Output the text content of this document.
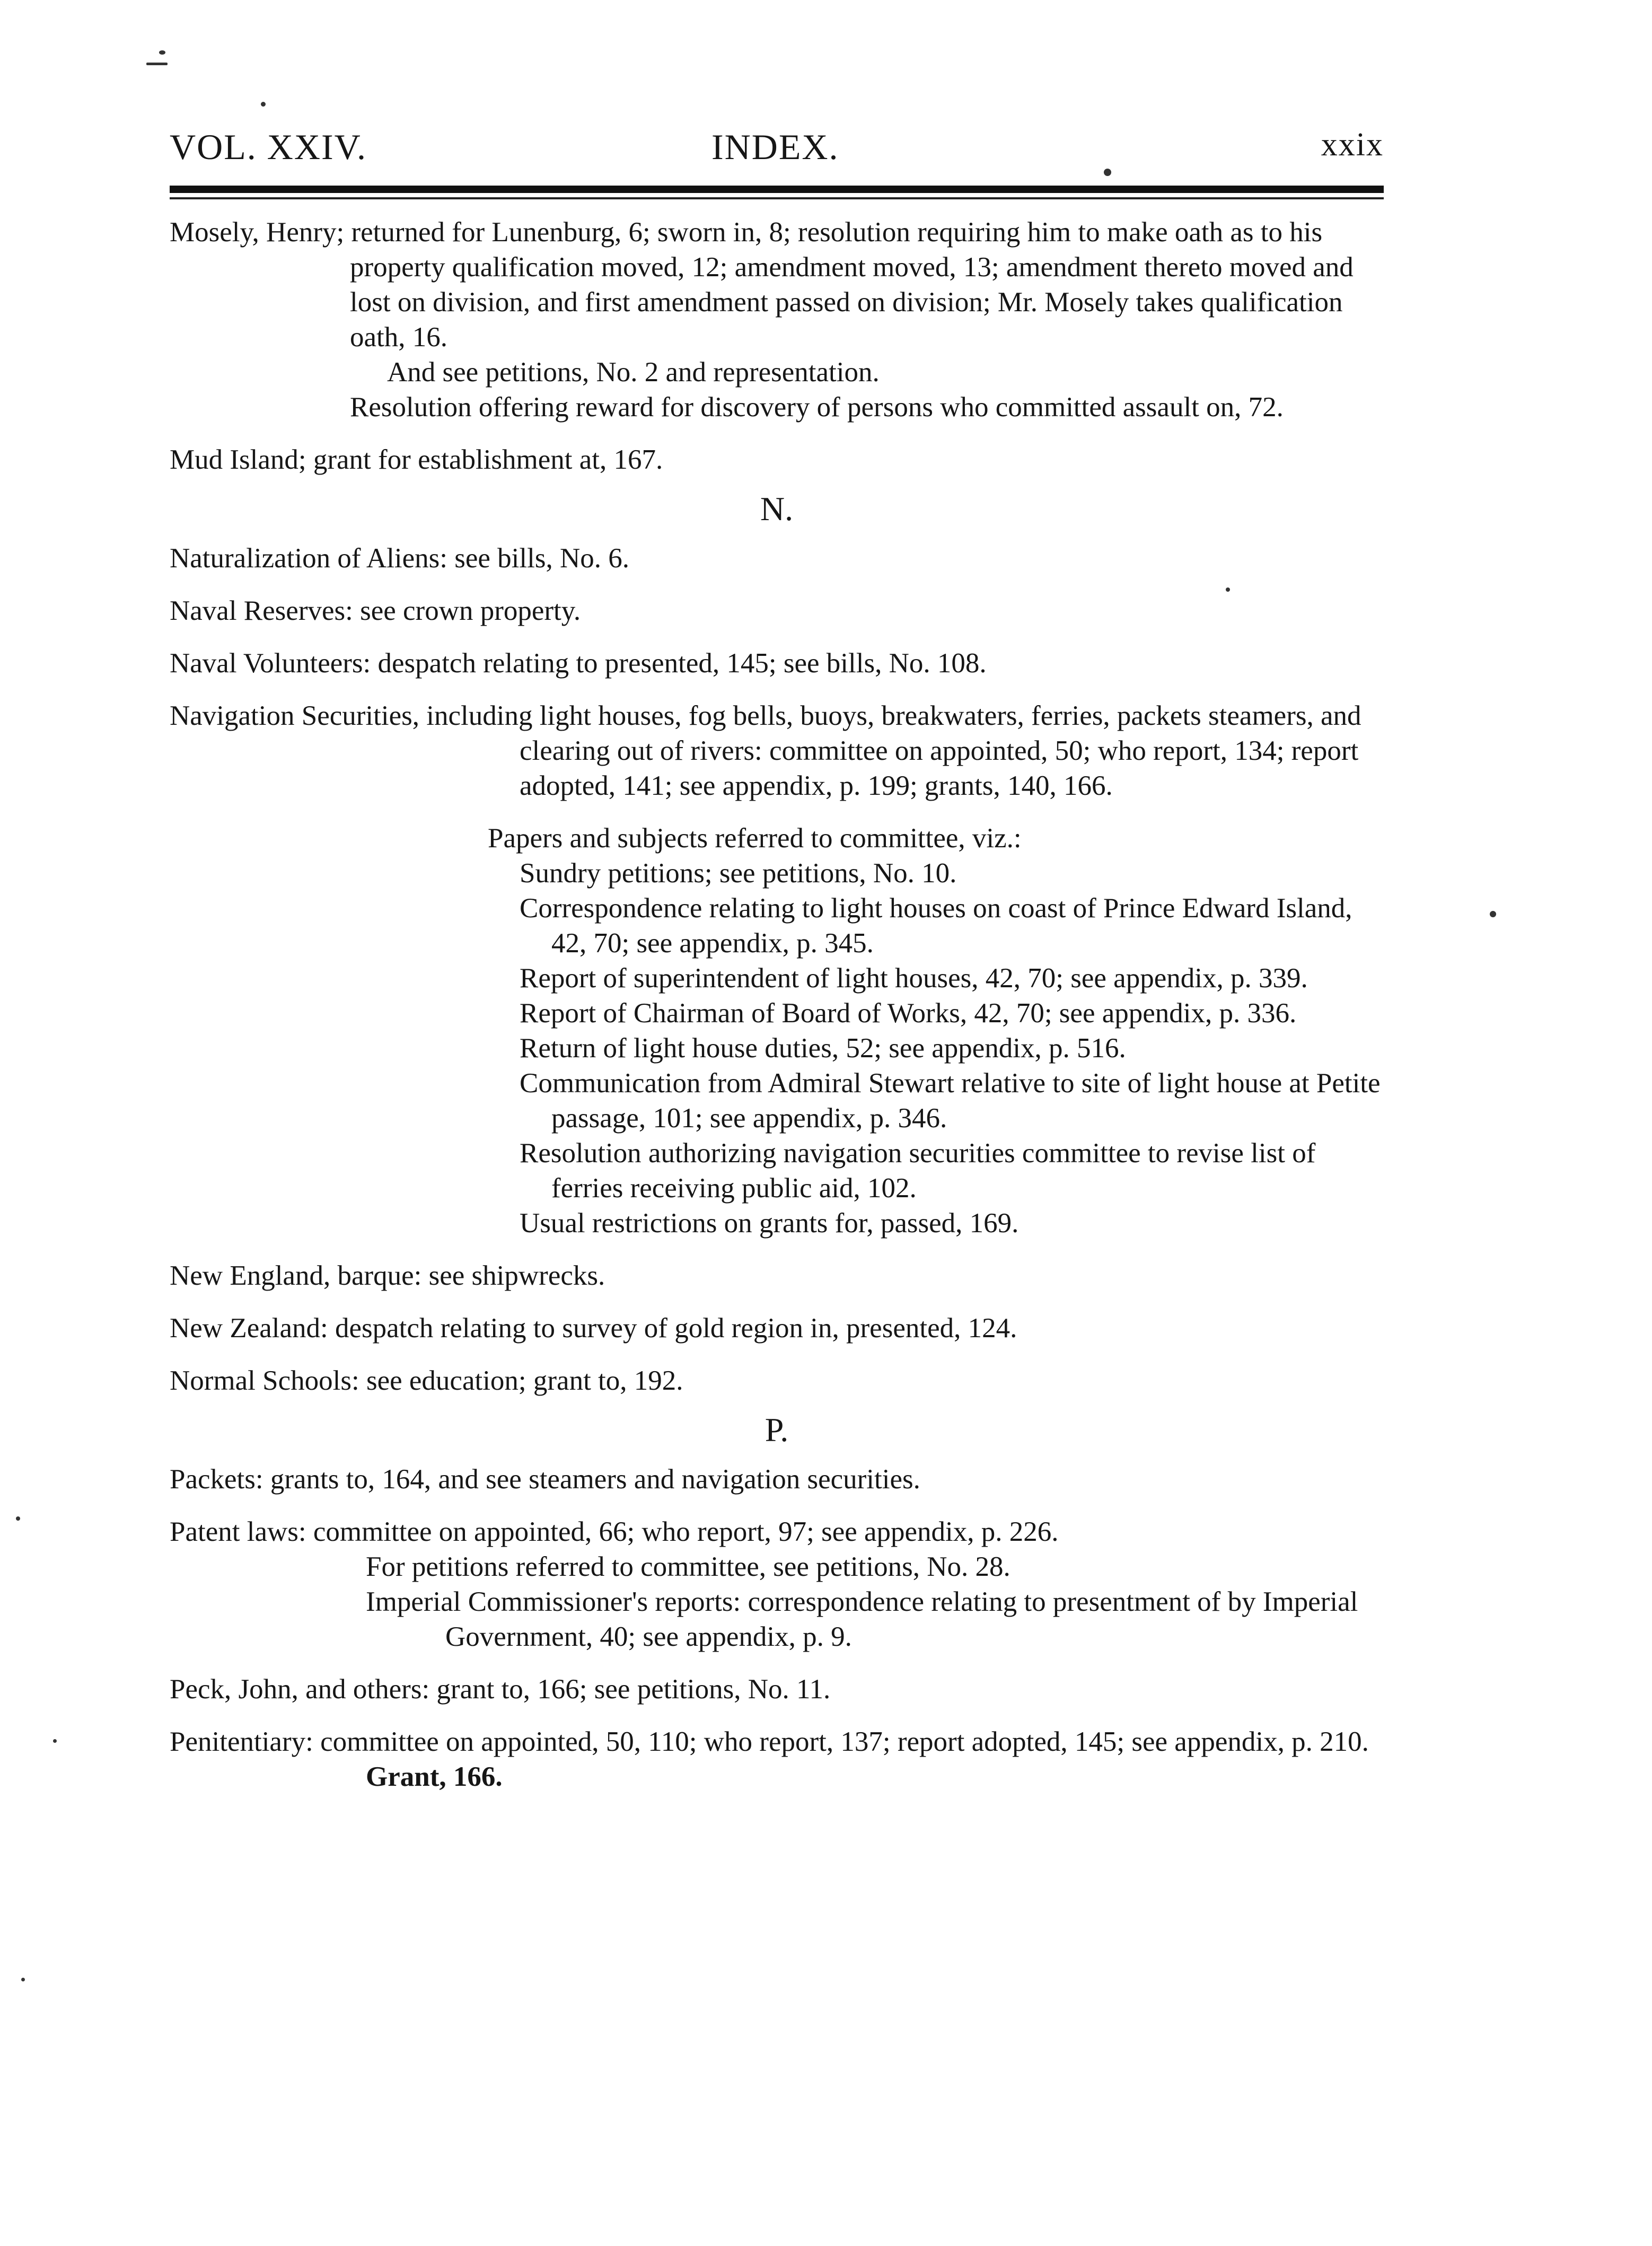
VOL. XXIV.	INDEX.	xxix

Mosely, Henry; returned for Lunenburg, 6; sworn in, 8; resolution requiring him to make oath as to his property qualification moved, 12; amendment moved, 13; amendment thereto moved and lost on division, and first amendment passed on division; Mr. Mosely takes qualification oath, 16.

And see petitions, No. 2 and representation.

Resolution offering reward for discovery of persons who committed assault on, 72.

Mud Island; grant for establishment at, 167.

N.

Naturalization of Aliens: see bills, No. 6.

Naval Reserves: see crown property.

Naval Volunteers: despatch relating to presented, 145; see bills, No. 108.

Navigation Securities, including light houses, fog bells, buoys, breakwaters, ferries, packets steamers, and clearing out of rivers: committee on appointed, 50; who report, 134; report adopted, 141; see appendix, p. 199; grants, 140, 166.

Papers and subjects referred to committee, viz.:

Sundry petitions; see petitions, No. 10.

Correspondence relating to light houses on coast of Prince Edward Island, 42, 70; see appendix, p. 345.

Report of superintendent of light houses, 42, 70; see appendix, p. 339.

Report of Chairman of Board of Works, 42, 70; see appendix, p. 336.

Return of light house duties, 52; see appendix, p. 516.

Communication from Admiral Stewart relative to site of light house at Petite passage, 101; see appendix, p. 346.

Resolution authorizing navigation securities committee to revise list of ferries receiving public aid, 102.

Usual restrictions on grants for, passed, 169.

New England, barque: see shipwrecks.

New Zealand: despatch relating to survey of gold region in, presented, 124.

Normal Schools: see education; grant to, 192.

P.

Packets: grants to, 164, and see steamers and navigation securities.

Patent laws: committee on appointed, 66; who report, 97; see appendix, p. 226.

For petitions referred to committee, see petitions, No. 28.

Imperial Commissioner's reports: correspondence relating to presentment of by Imperial Government, 40; see appendix, p. 9.

Peck, John, and others: grant to, 166; see petitions, No. 11.

Penitentiary: committee on appointed, 50, 110; who report, 137; report adopted, 145; see appendix, p. 210.

Grant, 166.
